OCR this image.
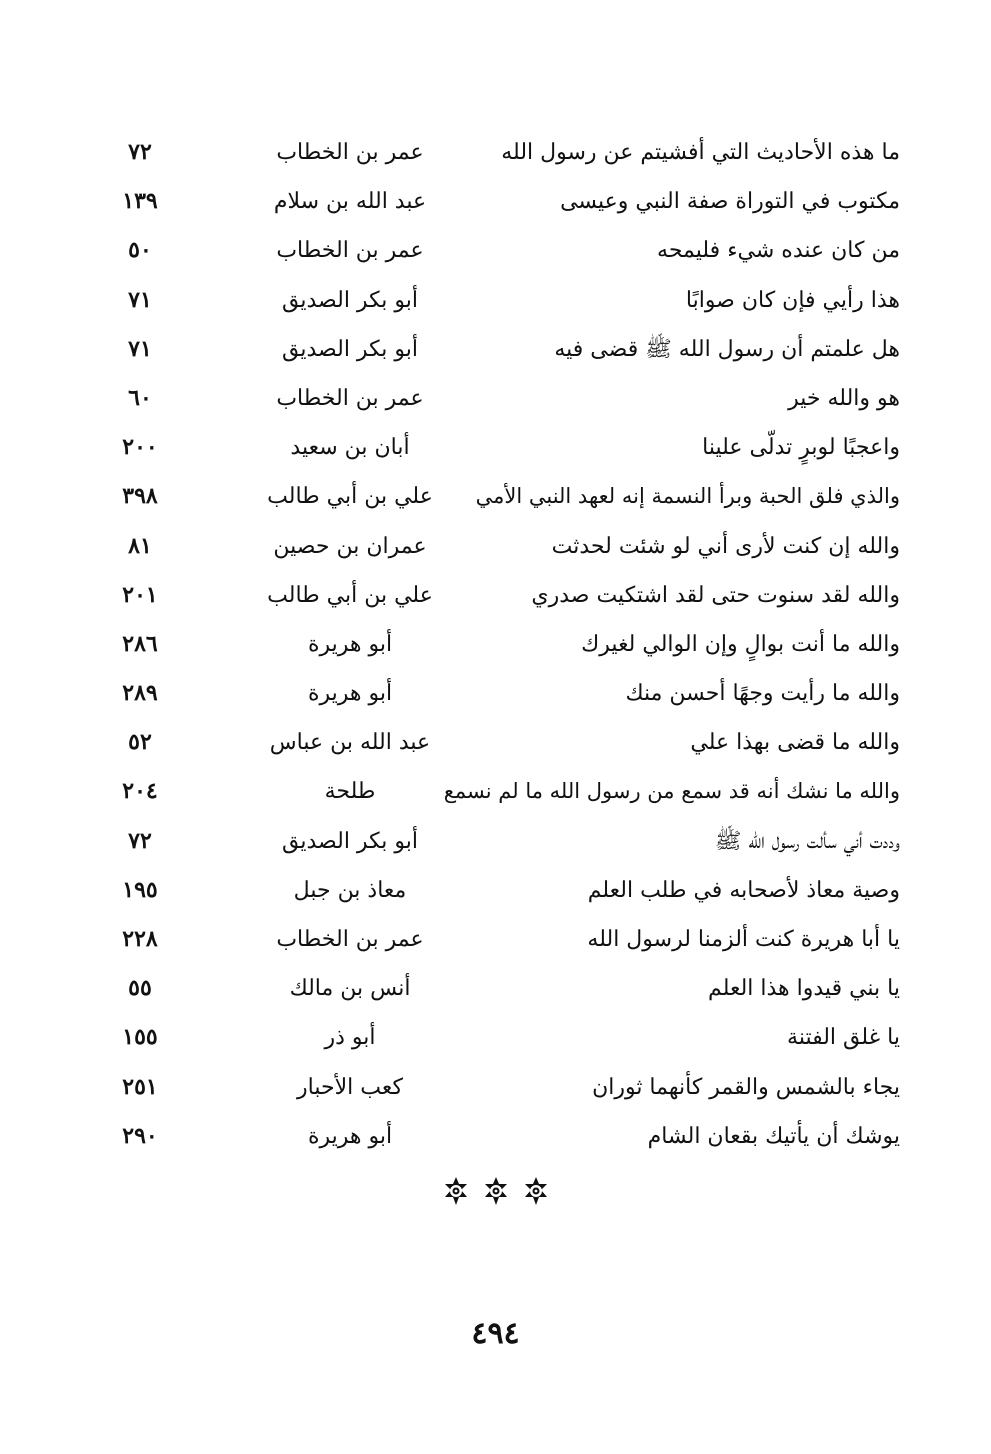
ما هذه الأحاديث التي أفشيتم عن رسول الله
عمر بن الخطاب
٧٢
مكتوب في التوراة صفة النبي وعيسى
عبد الله بن سلام
١٣٩
من كان عنده شيء فليمحه
عمر بن الخطاب
٥٠
هذا رأيي فإن كان صوابًا
أبو بكر الصديق
٧١
هل علمتم أن رسول الله ﷺ قضى فيه
أبو بكر الصديق
٧١
هو والله خير
عمر بن الخطاب
٦٠
واعجبًا لوبرٍ تدلّى علينا
أبان بن سعيد
٢٠٠
والذي فلق الحبة وبرأ النسمة إنه لعهد النبي الأمي
علي بن أبي طالب
٣٩٨
والله إن كنت لأرى أني لو شئت لحدثت
عمران بن حصين
٨١
والله لقد سنوت حتى لقد اشتكيت صدري
علي بن أبي طالب
٢٠١
والله ما أنت بوالٍ وإن الوالي لغيرك
أبو هريرة
٢٨٦
والله ما رأيت وجهًا أحسن منك
أبو هريرة
٢٨٩
والله ما قضى بهذا علي
عبد الله بن عباس
٥٢
والله ما نشك أنه قد سمع من رسول الله ما لم نسمع
طلحة
٢٠٤
وددت أني سألت رسول الله ﷺ
أبو بكر الصديق
٧٢
وصية معاذ لأصحابه في طلب العلم
معاذ بن جبل
١٩٥
يا أبا هريرة كنت ألزمنا لرسول الله
عمر بن الخطاب
٢٢٨
يا بني قيدوا هذا العلم
أنس بن مالك
٥٥
يا غلق الفتنة
أبو ذر
١٥٥
يجاء بالشمس والقمر كأنهما ثوران
كعب الأحبار
٢٥١
يوشك أن يأتيك بقعان الشام
أبو هريرة
٢٩٠
٤٩٤
